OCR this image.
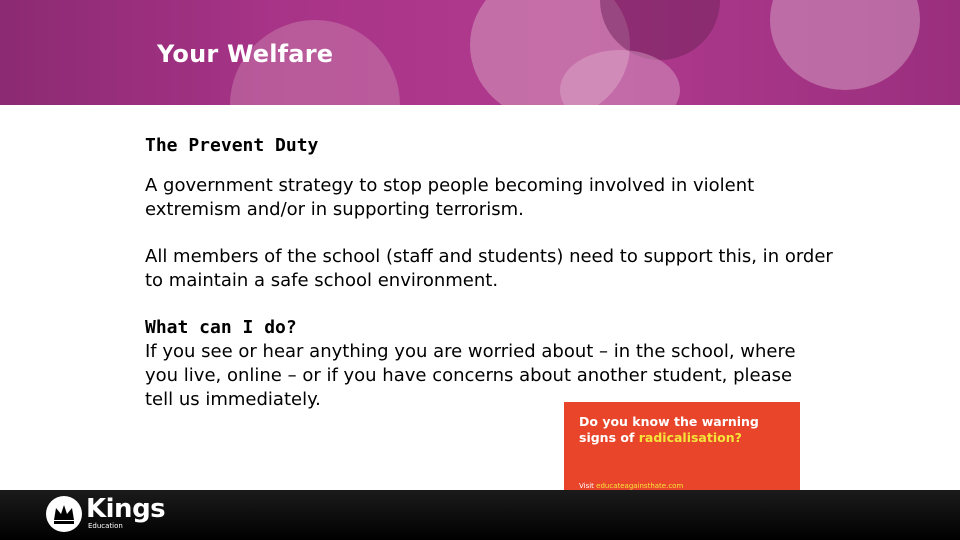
Your Welfare
The Prevent Duty

A government strategy to stop people becoming involved in violent extremism and/or in supporting terrorism.

All members of the school (staff and students) need to support this, in order to maintain a safe school environment.

What can I do?

If you see or hear anything you are worried about – in the school, where you live, online – or if you have concerns about another student, please tell us immediately.

Do you know the warning signs of radicalisation?
Visit educateagainsthate.com

Kings
Education
